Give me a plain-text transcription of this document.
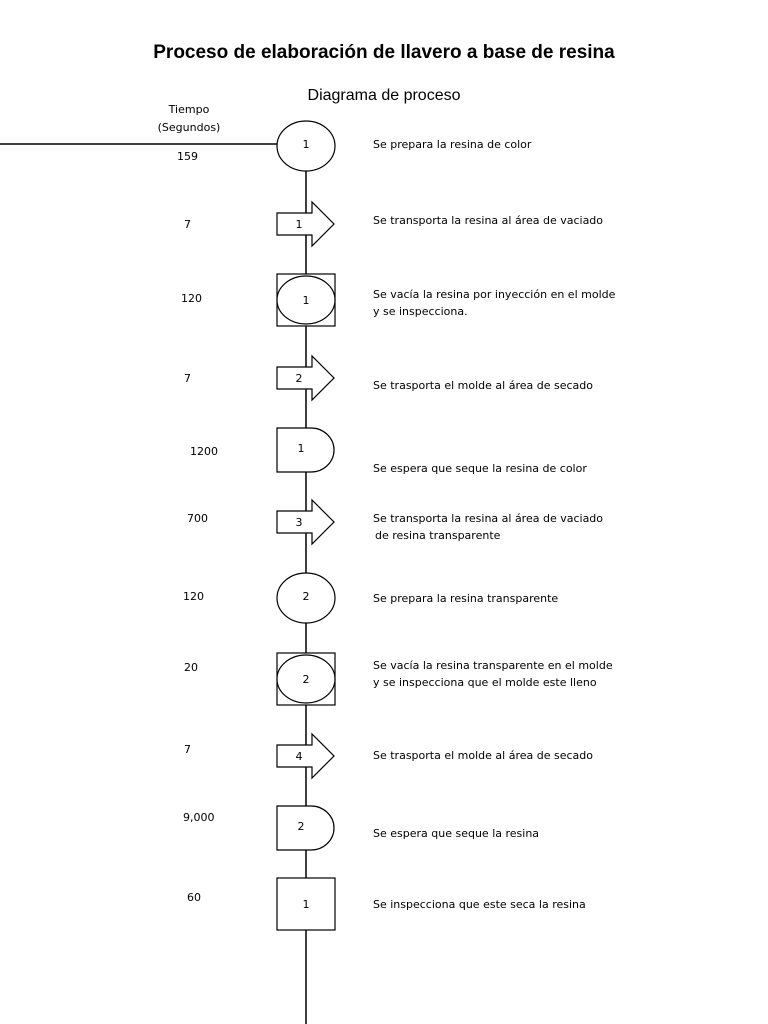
Proceso de elaboración de llavero a base de resina
Diagrama de proceso
Tiempo
(Segundos)
1
1
1
2
1
3
2
2
4
2
1
159
7
120
7
1200
700
120
20
7
9,000
60
Se prepara la resina de color
Se transporta la resina al área de vaciado
Se vacía la resina por inyección en el molde
y se inspecciona.
Se trasporta el molde al área de secado
Se espera que seque la resina de color
Se transporta la resina al área de vaciado
de resina transparente
Se prepara la resina transparente
Se vacía la resina transparente en el molde
y se inspecciona que el molde este lleno
Se trasporta el molde al área de secado
Se espera que seque la resina
Se inspecciona que este seca la resina
